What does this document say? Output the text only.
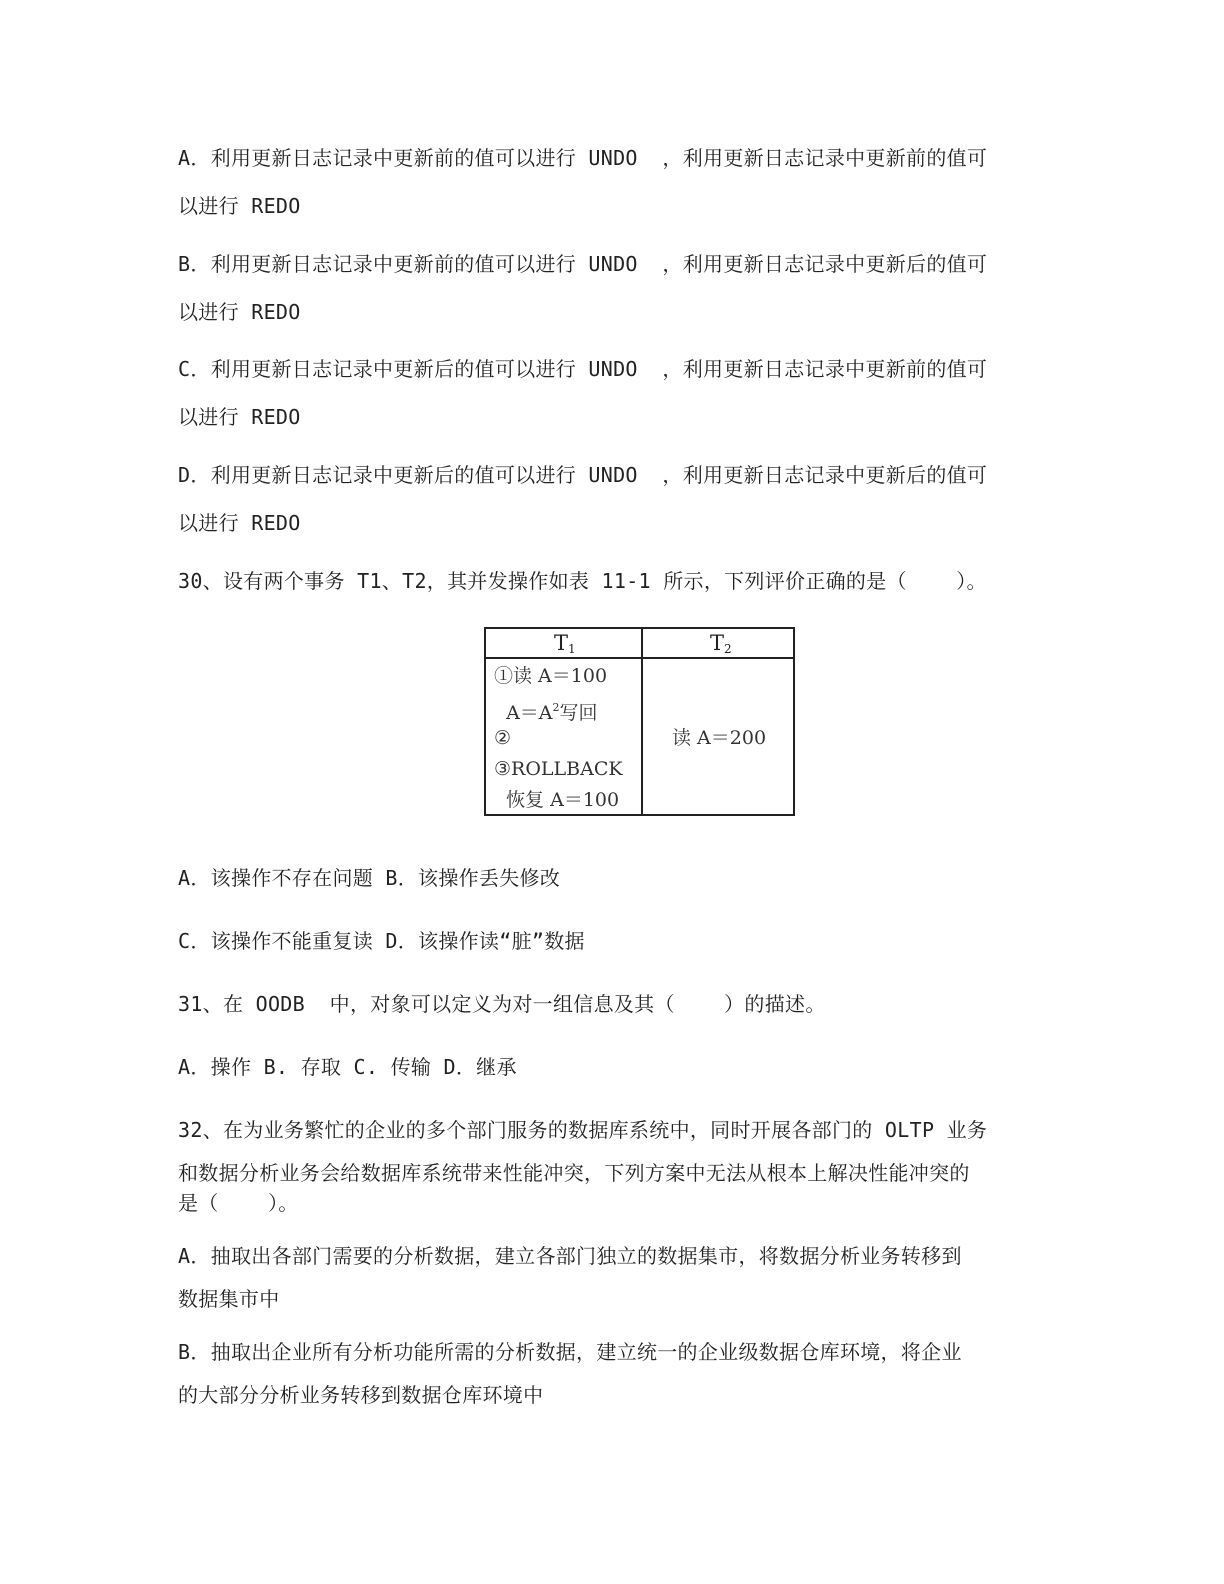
A．利用更新日志记录中更新前的值可以进行 UNDO  ，利用更新日志记录中更新前的值可
以进行 REDO
B．利用更新日志记录中更新前的值可以进行 UNDO  ，利用更新日志记录中更新后的值可
以进行 REDO
C．利用更新日志记录中更新后的值可以进行 UNDO  ，利用更新日志记录中更新前的值可
以进行 REDO
D．利用更新日志记录中更新后的值可以进行 UNDO  ，利用更新日志记录中更新后的值可
以进行 REDO
30、设有两个事务 T1、T2，其并发操作如表 11-1 所示，下列评价正确的是（    ）。
$T_1$	$T_2$
①读 A＝100
$A=A^2$写回
②
③ROLLBACK
恢复 A＝100
读 A＝200
A．该操作不存在问题 B．该操作丢失修改
C．该操作不能重复读 D．该操作读“脏”数据
31、在 OODB  中，对象可以定义为对一组信息及其（    ）的描述。
A．操作 B. 存取 C. 传输 D．继承
32、在为业务繁忙的企业的多个部门服务的数据库系统中，同时开展各部门的 OLTP 业务
和数据分析业务会给数据库系统带来性能冲突，下列方案中无法从根本上解决性能冲突的
是（    ）。
A．抽取出各部门需要的分析数据，建立各部门独立的数据集市，将数据分析业务转移到
数据集市中
B．抽取出企业所有分析功能所需的分析数据，建立统一的企业级数据仓库环境，将企业
的大部分分析业务转移到数据仓库环境中
